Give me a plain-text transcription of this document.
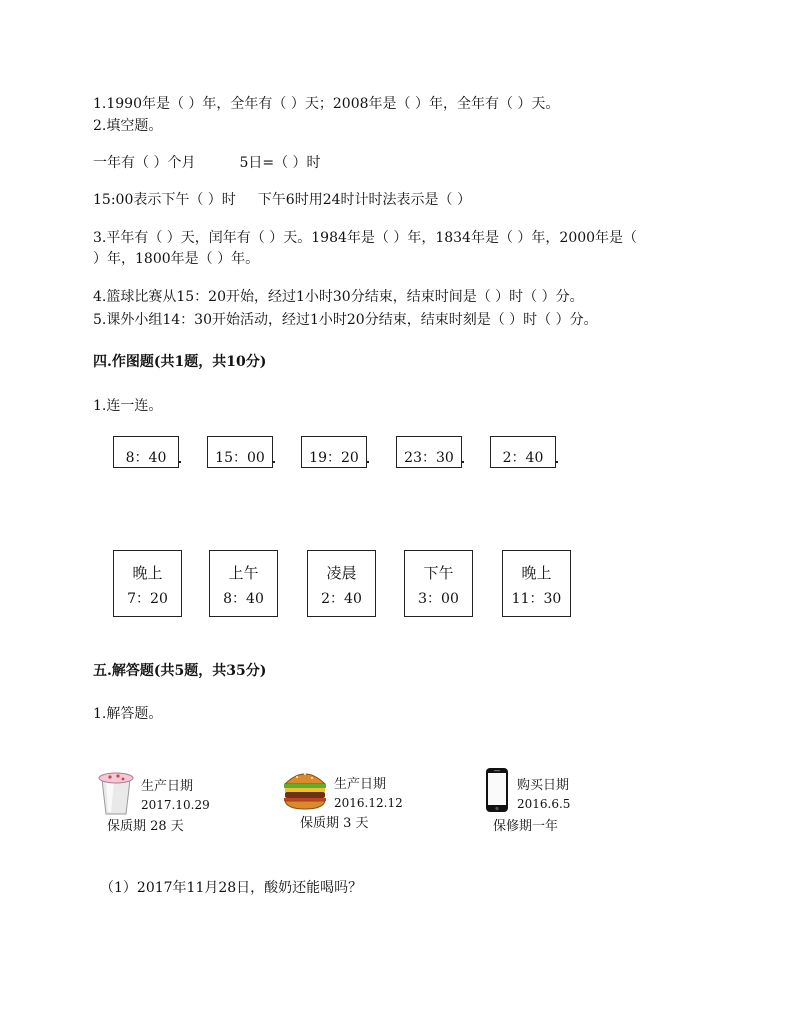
1.1990年是（ ）年，全年有（ ）天；2008年是（ ）年，全年有（ ）天。
2.填空题。
一年有（ ）个月	5日=（ ）时
15:00表示下午（ ）时 下午6时用24时计时法表示是（ ）
3.平年有（ ）天，闰年有（ ）天。1984年是（ ）年，1834年是（ ）年，2000年是（
）年，1800年是（ ）年。
4.篮球比赛从15：20开始，经过1小时30分结束，结束时间是（ ）时（ ）分。
5.课外小组14：30开始活动，经过1小时20分结束，结束时刻是（ ）时（ ）分。
四.作图题(共1题，共10分)
1.连一连。
8：40	15：00	19：20	23：30	2：40
晚上
7：20
上午
8：40
凌晨
2：40
下午
3：00
晚上
11：30
五.解答题(共5题，共35分)
1.解答题。
生产日期
2017.10.29
保质期 28 天
生产日期
2016.12.12
保质期 3 天
购买日期
2016.6.5
保修期一年
（1）2017年11月28日，酸奶还能喝吗？
